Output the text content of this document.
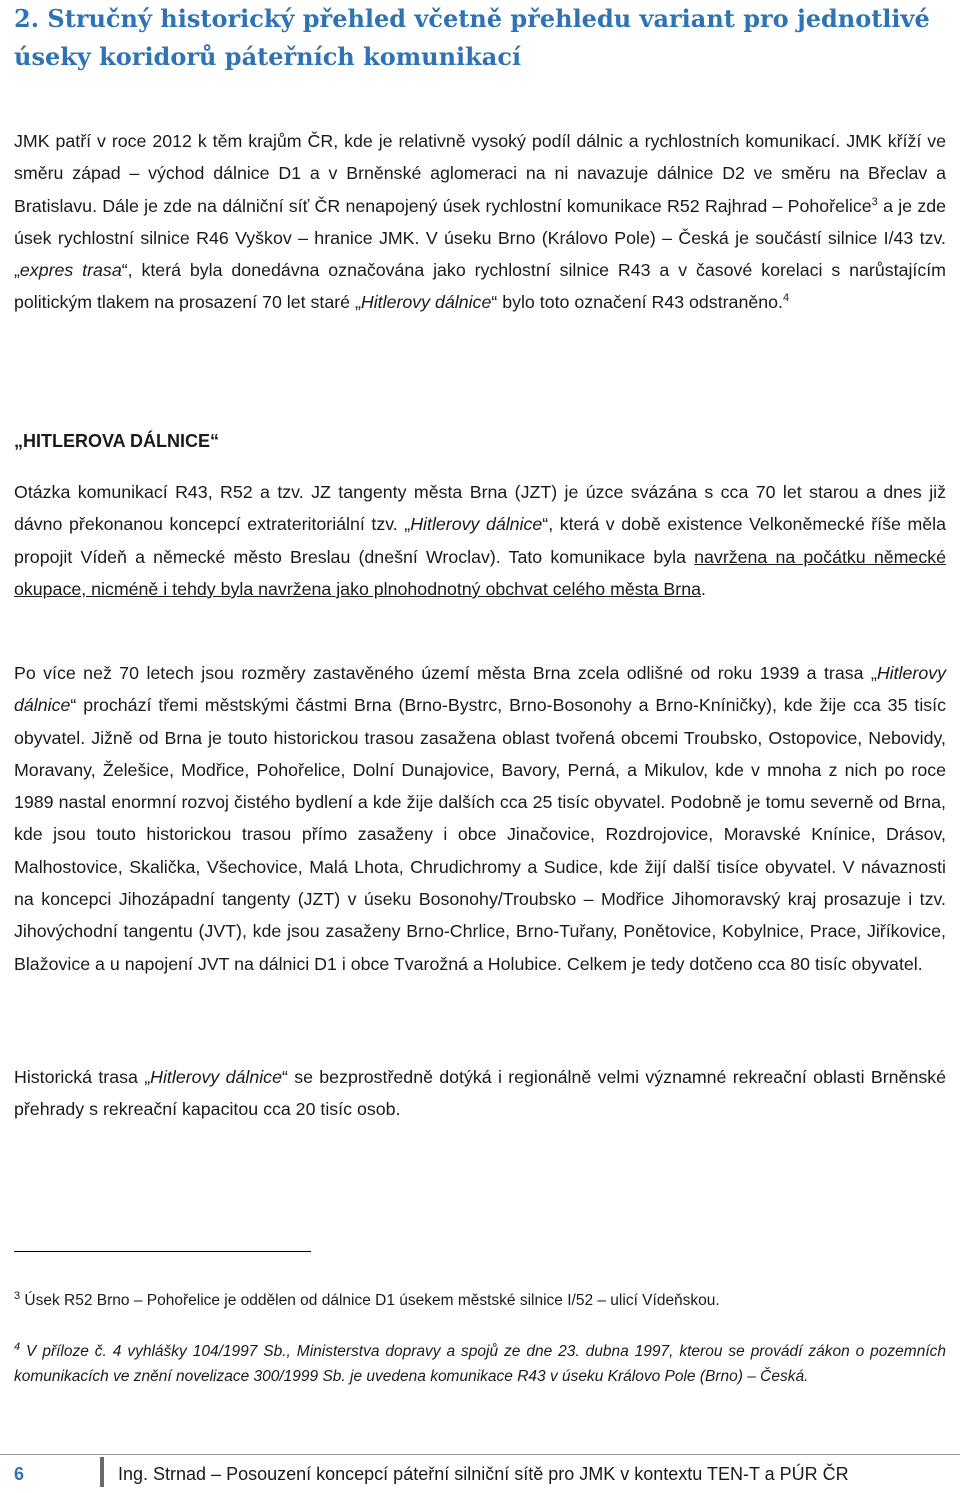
2. Stručný historický přehled včetně přehledu variant pro jednotlivé
úseky koridorů páteřních komunikací

JMK patří v roce 2012 k těm krajům ČR, kde je relativně vysoký podíl dálnic a rychlostních komunikací. JMK kříží ve směru západ – východ dálnice D1 a v Brněnské aglomeraci na ni navazuje dálnice D2 ve směru na Břeclav a Bratislavu. Dále je zde na dálniční síť ČR nenapojený úsek rychlostní komunikace R52 Rajhrad – Pohořelice$^3$ a je zde úsek rychlostní silnice R46 Vyškov – hranice JMK. V úseku Brno (Královo Pole) – Česká je součástí silnice I/43 tzv. „expres trasa“, která byla donedávna označována jako rychlostní silnice R43 a v časové korelaci s narůstajícím politickým tlakem na prosazení 70 let staré „Hitlerovy dálnice“ bylo toto označení R43 odstraněno.$^4$

„HITLEROVA DÁLNICE“

Otázka komunikací R43, R52 a tzv. JZ tangenty města Brna (JZT) je úzce svázána s cca 70 let starou a dnes již dávno překonanou koncepcí extrateritoriální tzv. „Hitlerovy dálnice“, která v době existence Velkoněmecké říše měla propojit Vídeň a německé město Breslau (dnešní Wroclav). Tato komunikace byla navržena na počátku německé okupace, nicméně i tehdy byla navržena jako plnohodnotný obchvat celého města Brna.

Po více než 70 letech jsou rozměry zastavěného území města Brna zcela odlišné od roku 1939 a trasa „Hitlerovy dálnice“ prochází třemi městskými částmi Brna (Brno-Bystrc, Brno-Bosonohy a Brno-Kníničky), kde žije cca 35 tisíc obyvatel. Jižně od Brna je touto historickou trasou zasažena oblast tvořená obcemi Troubsko, Ostopovice, Nebovidy, Moravany, Želešice, Modřice, Pohořelice, Dolní Dunajovice, Bavory, Perná, a Mikulov, kde v mnoha z nich po roce 1989 nastal enormní rozvoj čistého bydlení a kde žije dalších cca 25 tisíc obyvatel. Podobně je tomu severně od Brna, kde jsou touto historickou trasou přímo zasaženy i obce Jinačovice, Rozdrojovice, Moravské Knínice, Drásov, Malhostovice, Skalička, Všechovice, Malá Lhota, Chrudichromy a Sudice, kde žijí další tisíce obyvatel. V návaznosti na koncepci Jihozápadní tangenty (JZT) v úseku Bosonohy/Troubsko – Modřice Jihomoravský kraj prosazuje i tzv. Jihovýchodní tangentu (JVT), kde jsou zasaženy Brno-Chrlice, Brno-Tuřany, Ponětovice, Kobylnice, Prace, Jiříkovice, Blažovice a u napojení JVT na dálnici D1 i obce Tvarožná a Holubice. Celkem je tedy dotčeno cca 80 tisíc obyvatel.

Historická trasa „Hitlerovy dálnice“ se bezprostředně dotýká i regionálně velmi významné rekreační oblasti Brněnské přehrady s rekreační kapacitou cca 20 tisíc osob.

$^3$ Úsek R52 Brno – Pohořelice je oddělen od dálnice D1 úsekem městské silnice I/52 – ulicí Vídeňskou.

$^4$ V příloze č. 4 vyhlášky 104/1997 Sb., Ministerstva dopravy a spojů ze dne 23. dubna 1997, kterou se provádí zákon o pozemních komunikacích ve znění novelizace 300/1999 Sb. je uvedena komunikace R43 v úseku Královo Pole (Brno) – Česká.

6	Ing. Strnad – Posouzení koncepcí páteřní silniční sítě pro JMK v kontextu TEN-T a PÚR ČR
